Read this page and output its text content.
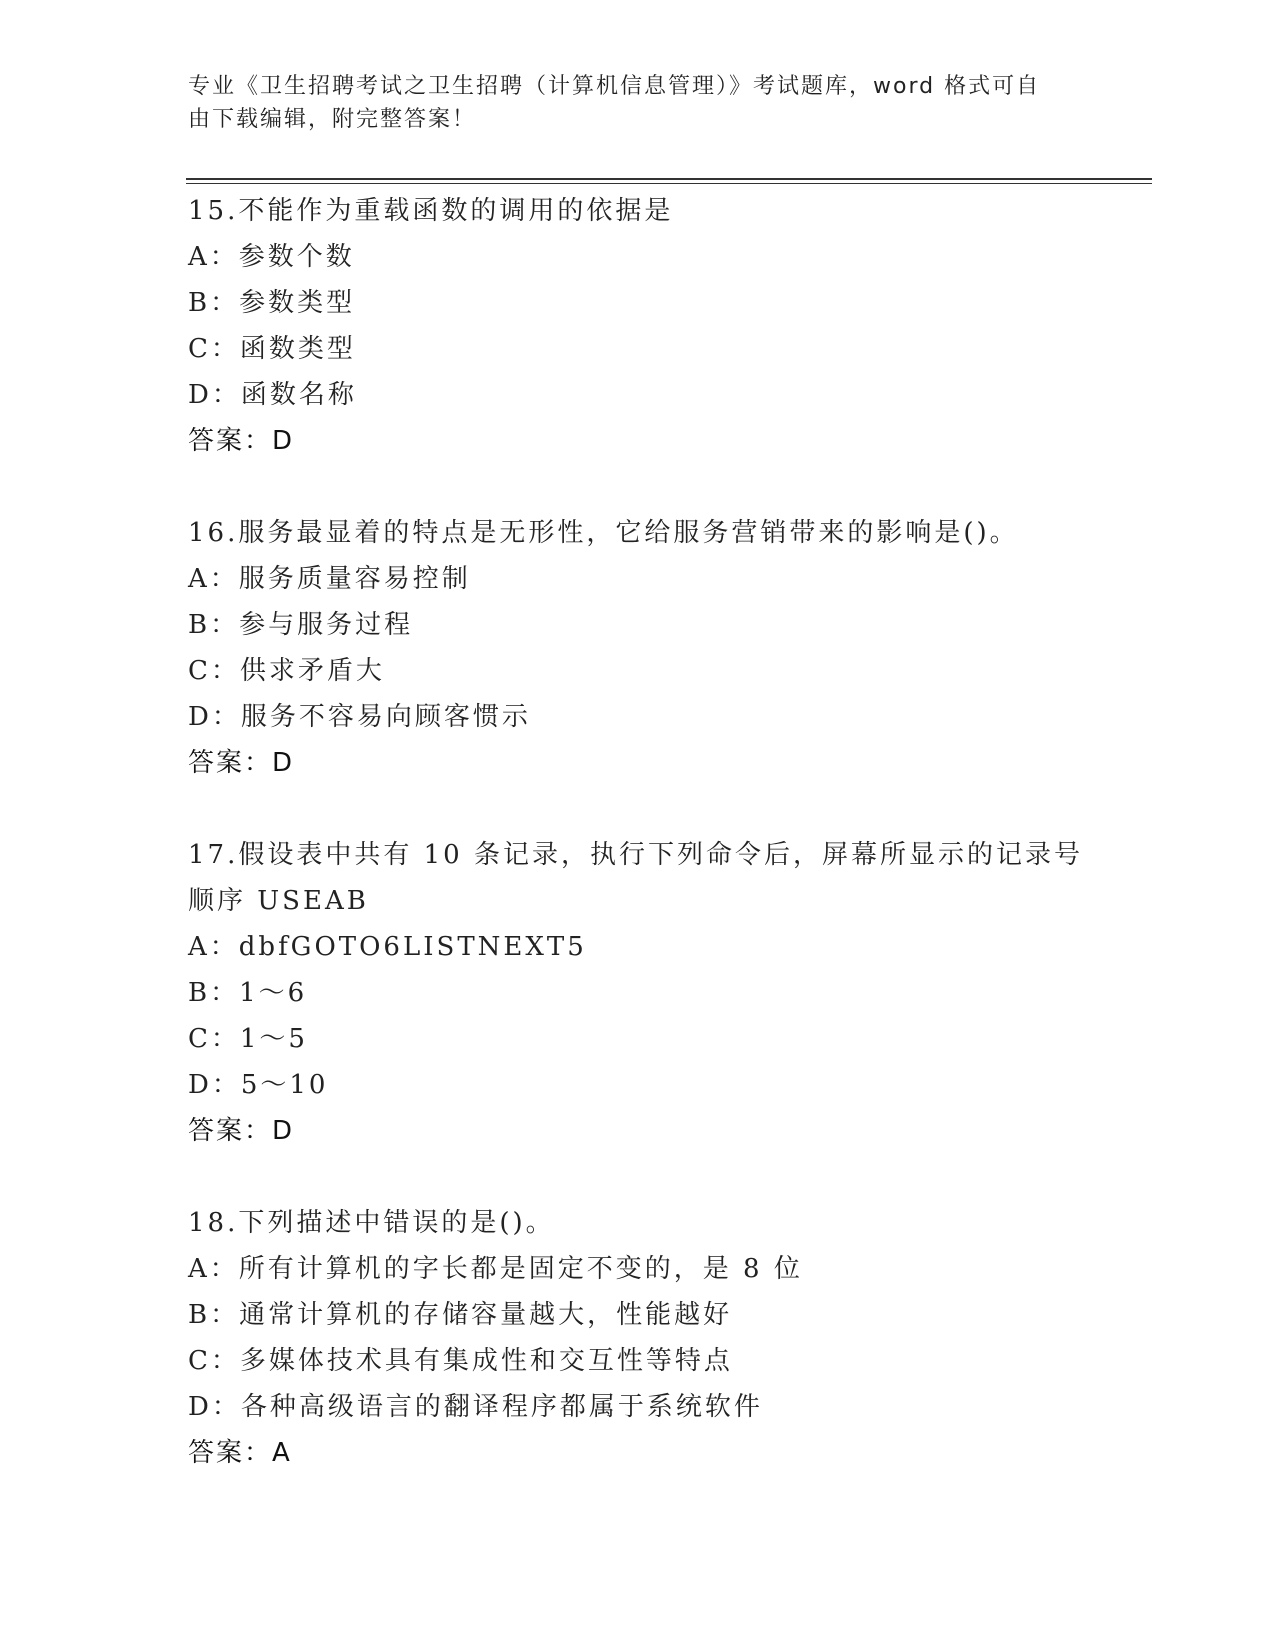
专业《卫生招聘考试之卫生招聘（计算机信息管理）》考试题库，word 格式可自
由下载编辑，附完整答案！
15.不能作为重载函数的调用的依据是
A：参数个数
B：参数类型
C：函数类型
D：函数名称
答案：D
16.服务最显着的特点是无形性，它给服务营销带来的影响是()。
A：服务质量容易控制
B：参与服务过程
C：供求矛盾大
D：服务不容易向顾客惯示
答案：D
17.假设表中共有 10 条记录，执行下列命令后，屏幕所显示的记录号
顺序 USEAB
A：dbfGOTO6LISTNEXT5
B：1～6
C：1～5
D：5～10
答案：D
18.下列描述中错误的是()。
A：所有计算机的字长都是固定不变的，是 8 位
B：通常计算机的存储容量越大，性能越好
C：多媒体技术具有集成性和交互性等特点
D：各种高级语言的翻译程序都属于系统软件
答案：A
